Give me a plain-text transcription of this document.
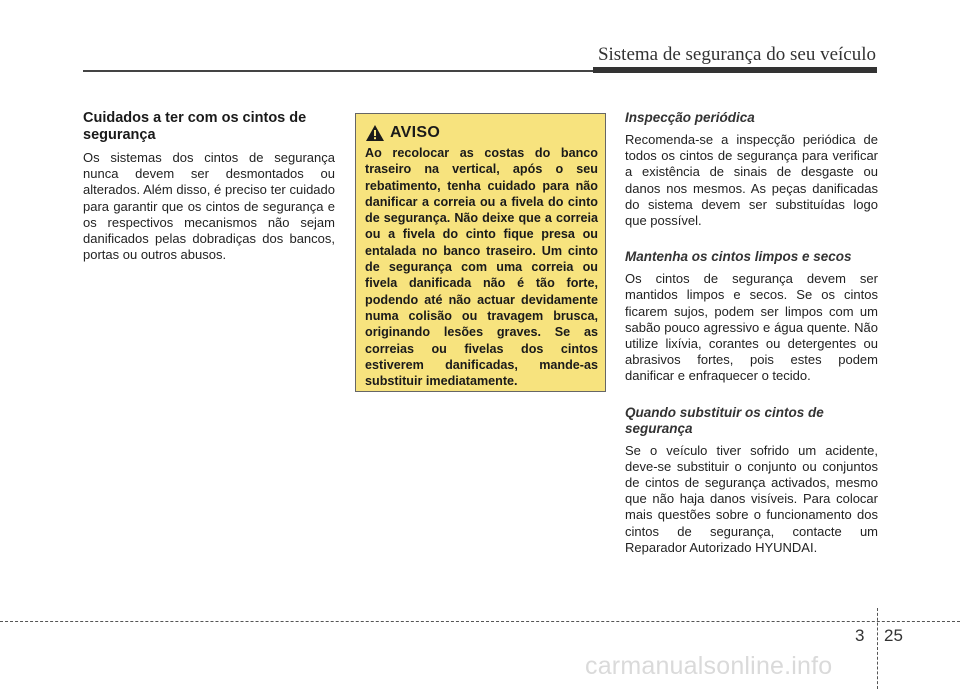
Sistema de segurança do seu veículo

Cuidados a ter com os cintos de segurança

Os sistemas dos cintos de segurança nunca devem ser desmontados ou alterados. Além disso, é preciso ter cuidado para garantir que os cintos de segurança e os respectivos mecanismos não sejam danificados pelas dobradiças dos bancos, portas ou outros abusos.

AVISO

Ao recolocar as costas do banco traseiro na vertical, após o seu rebatimento, tenha cuidado para não danificar a correia ou a fivela do cinto de segurança. Não deixe que a correia ou a fivela do cinto fique presa ou entalada no banco traseiro. Um cinto de segurança com uma correia ou fivela danificada não é tão forte, podendo até não actuar devidamente numa colisão ou travagem brusca, originando lesões graves. Se as correias ou fivelas dos cintos estiverem danificadas, mande-as substituir imediatamente.

Inspecção periódica

Recomenda-se a inspecção periódica de todos os cintos de segurança para verificar a existência de sinais de desgaste ou danos nos mesmos. As peças danificadas do sistema devem ser substituídas logo que possível.

Mantenha os cintos limpos e secos

Os cintos de segurança devem ser mantidos limpos e secos. Se os cintos ficarem sujos, podem ser limpos com um sabão pouco agressivo e água quente. Não utilize lixívia, corantes ou detergentes ou abrasivos fortes, pois estes podem danificar e enfraquecer o tecido.

Quando substituir os cintos de segurança

Se o veículo tiver sofrido um acidente, deve-se substituir o conjunto ou conjuntos de cintos de segurança activados, mesmo que não haja danos visíveis. Para colocar mais questões sobre o funcionamento dos cintos de segurança, contacte um Reparador Autorizado HYUNDAI.

3 25
carmanualsonline.info
